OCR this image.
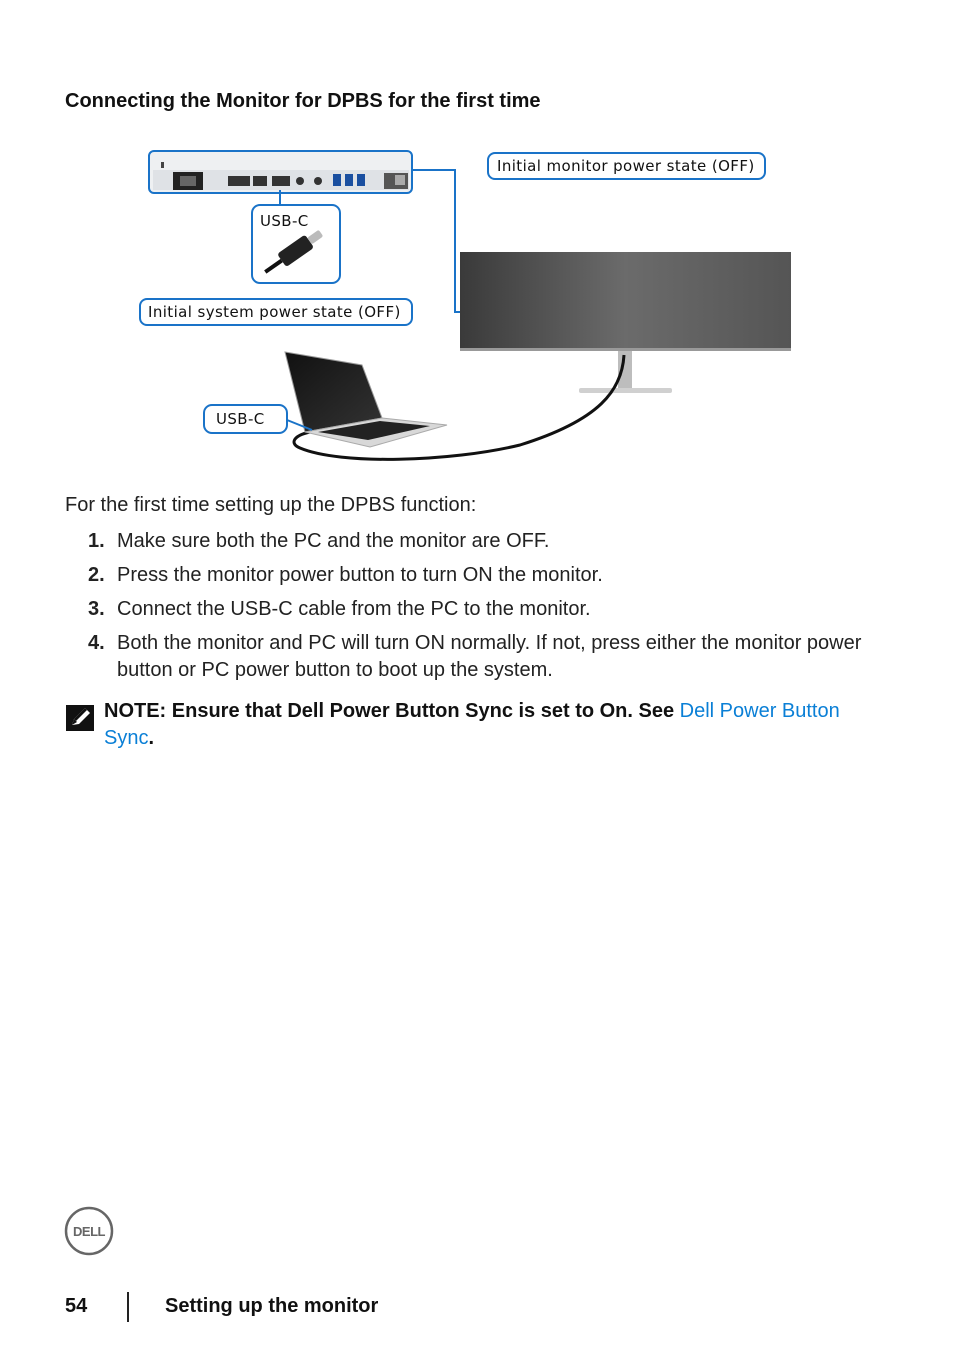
Connecting the Monitor for DPBS for the first time
Initial monitor power state (OFF)
Initial system power state (OFF)
USB-C
USB-C
For the first time setting up the DPBS function:
1. Make sure both the PC and the monitor are OFF.
2. Press the monitor power button to turn ON the monitor.
3. Connect the USB-C cable from the PC to the monitor.
4. Both the monitor and PC will turn ON normally. If not, press either the monitor power button or PC power button to boot up the system.
NOTE: Ensure that Dell Power Button Sync is set to On. See Dell Power Button Sync.
DELL
54	Setting up the monitor
